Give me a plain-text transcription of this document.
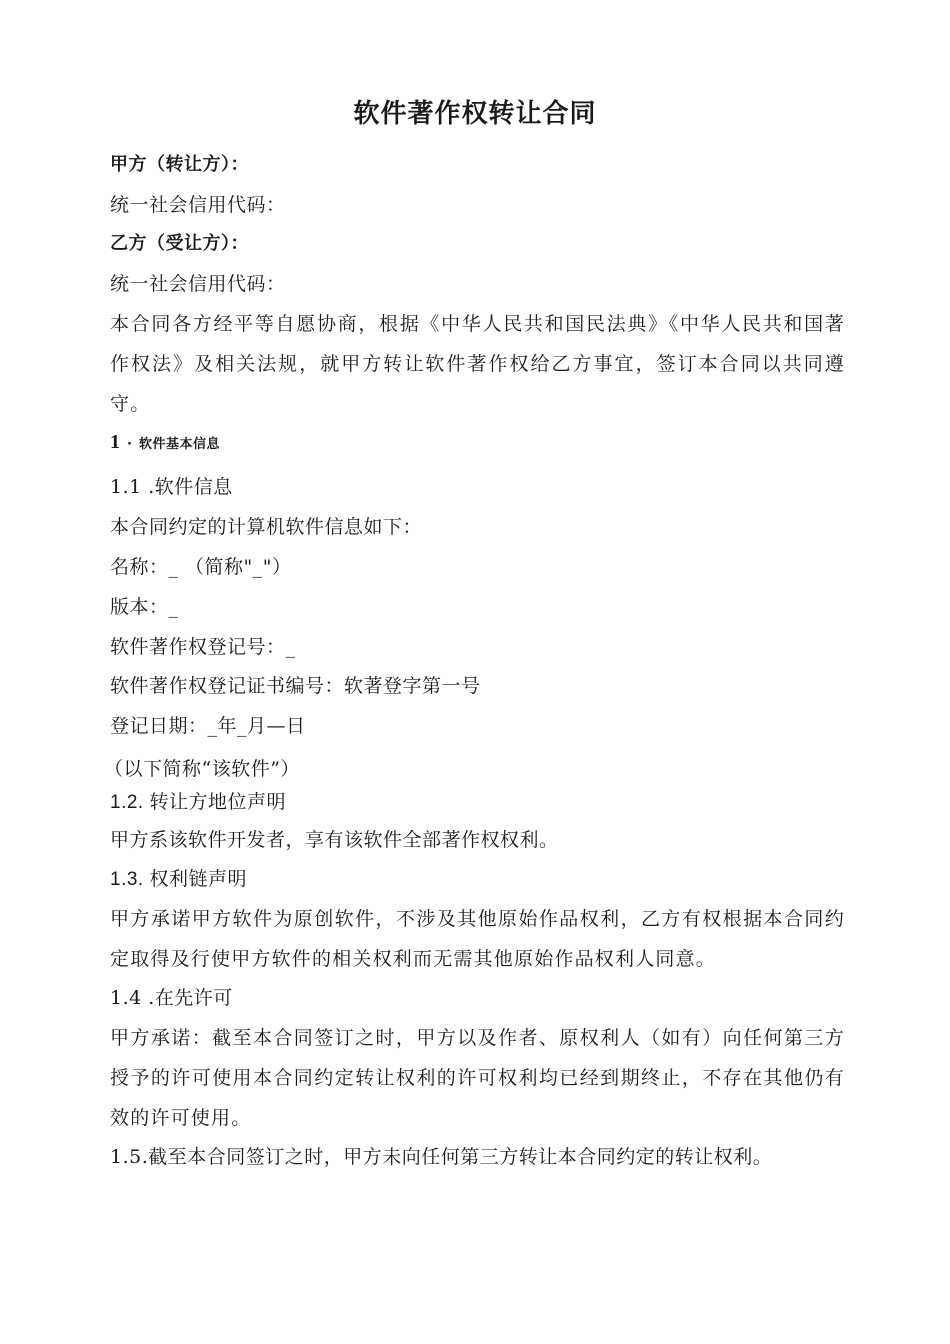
软件著作权转让合同
甲方（转让方）：
统一社会信用代码：
乙方（受让方）：
统一社会信用代码：
本合同各方经平等自愿协商，根据《中华人民共和国民法典》《中华人民共和国著作权法》及相关法规，就甲方转让软件著作权给乙方事宜，签订本合同以共同遵守。
1 · 软件基本信息
1.1 .软件信息
本合同约定的计算机软件信息如下：
名称：_ （简称"_"）
版本：_
软件著作权登记号：_
软件著作权登记证书编号：软著登字第一号
登记日期：_年_月—日
（以下简称“该软件”）
1.2. 转让方地位声明
甲方系该软件开发者，享有该软件全部著作权权利。
1.3. 权利链声明
甲方承诺甲方软件为原创软件，不涉及其他原始作品权利，乙方有权根据本合同约定取得及行使甲方软件的相关权利而无需其他原始作品权利人同意。
1.4 .在先许可
甲方承诺：截至本合同签订之时，甲方以及作者、原权利人（如有）向任何第三方授予的许可使用本合同约定转让权利的许可权利均已经到期终止，不存在其他仍有效的许可使用。
1.5.截至本合同签订之时，甲方未向任何第三方转让本合同约定的转让权利。
